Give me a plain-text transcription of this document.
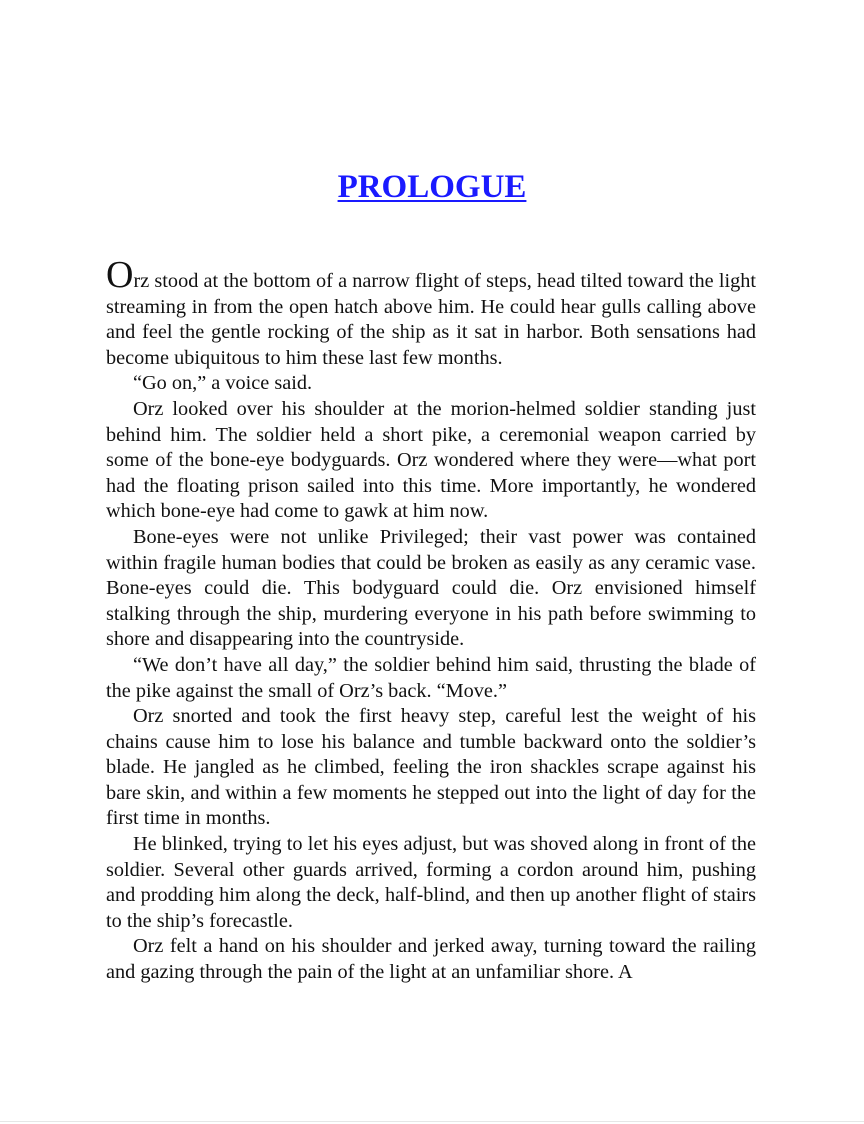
PROLOGUE

Orz stood at the bottom of a narrow flight of steps, head tilted toward the light streaming in from the open hatch above him. He could hear gulls calling above and feel the gentle rocking of the ship as it sat in harbor. Both sensations had become ubiquitous to him these last few months.

“Go on,” a voice said.

Orz looked over his shoulder at the morion-helmed soldier standing just behind him. The soldier held a short pike, a ceremonial weapon carried by some of the bone-eye bodyguards. Orz wondered where they were—what port had the floating prison sailed into this time. More importantly, he wondered which bone-eye had come to gawk at him now.

Bone-eyes were not unlike Privileged; their vast power was contained within fragile human bodies that could be broken as easily as any ceramic vase. Bone-eyes could die. This bodyguard could die. Orz envisioned himself stalking through the ship, murdering everyone in his path before swimming to shore and disappearing into the countryside.

“We don’t have all day,” the soldier behind him said, thrusting the blade of the pike against the small of Orz’s back. “Move.”

Orz snorted and took the first heavy step, careful lest the weight of his chains cause him to lose his balance and tumble backward onto the soldier’s blade. He jangled as he climbed, feeling the iron shackles scrape against his bare skin, and within a few moments he stepped out into the light of day for the first time in months.

He blinked, trying to let his eyes adjust, but was shoved along in front of the soldier. Several other guards arrived, forming a cordon around him, pushing and prodding him along the deck, half-blind, and then up another flight of stairs to the ship’s forecastle.

Orz felt a hand on his shoulder and jerked away, turning toward the railing and gazing through the pain of the light at an unfamiliar shore. A
